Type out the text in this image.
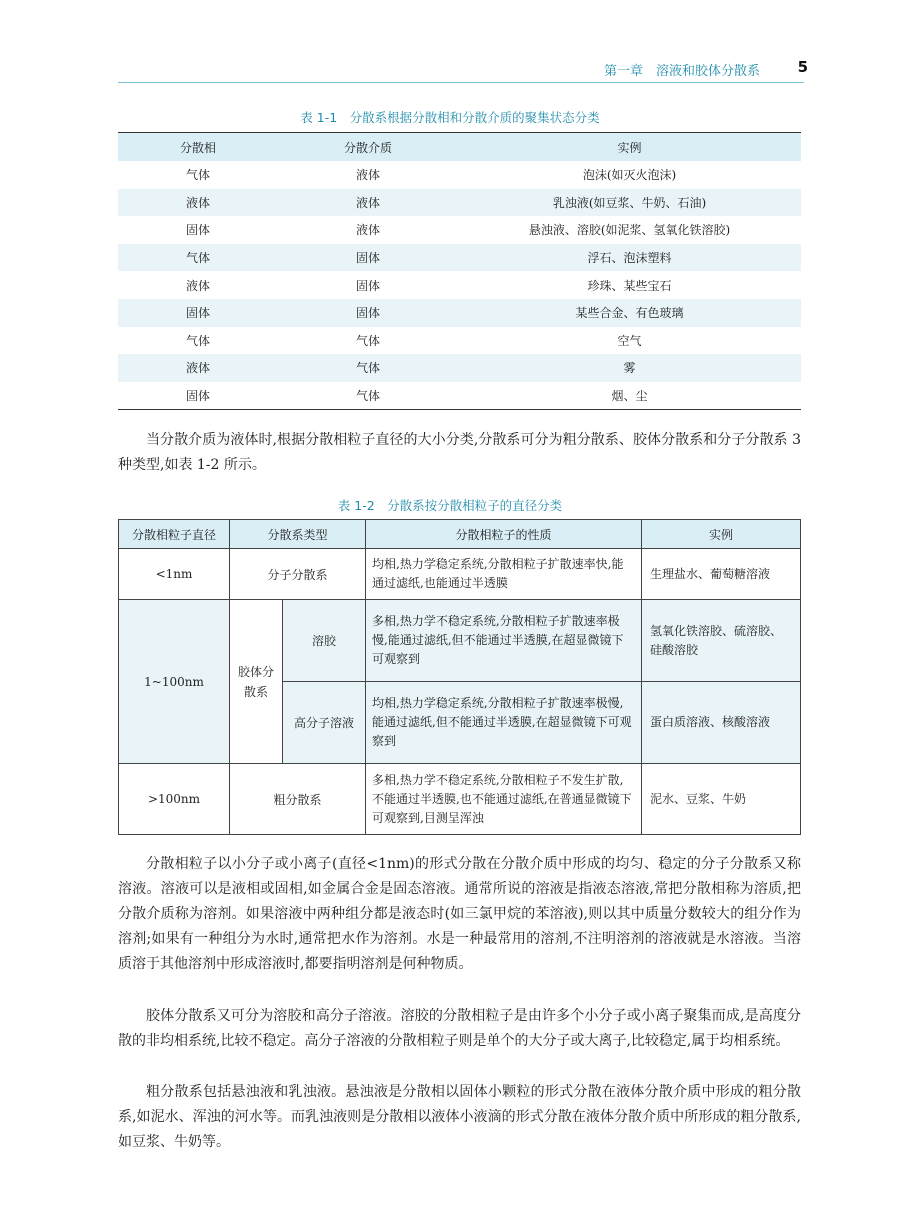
第一章　溶液和胶体分散系	5
表 1-1　分散系根据分散相和分散介质的聚集状态分类
分散相	分散介质	实例
气体	液体	泡沫(如灭火泡沫)
液体	液体	乳浊液(如豆浆、牛奶、石油)
固体	液体	悬浊液、溶胶(如泥浆、氢氧化铁溶胶)
气体	固体	浮石、泡沫塑料
液体	固体	珍珠、某些宝石
固体	固体	某些合金、有色玻璃
气体	气体	空气
液体	气体	雾
固体	气体	烟、尘

当分散介质为液体时,根据分散相粒子直径的大小分类,分散系可分为粗分散系、胶体分散系和分子分散系 3 种类型,如表 1-2 所示。

表 1-2　分散系按分散相粒子的直径分类
分散相粒子直径	分散系类型		分散相粒子的性质	实例
<1nm	分子分散系		均相,热力学稳定系统,分散相粒子扩散速率快,能通过滤纸,也能通过半透膜	生理盐水、葡萄糖溶液
1~100nm	胶体分散系	溶胶	多相,热力学不稳定系统,分散相粒子扩散速率极慢,能通过滤纸,但不能通过半透膜,在超显微镜下可观察到	氢氧化铁溶胶、硫溶胶、硅酸溶胶
		高分子溶液	均相,热力学稳定系统,分散相粒子扩散速率极慢,能通过滤纸,但不能通过半透膜,在超显微镜下可观察到	蛋白质溶液、核酸溶液
>100nm	粗分散系		多相,热力学不稳定系统,分散相粒子不发生扩散,不能通过半透膜,也不能通过滤纸,在普通显微镜下可观察到,目测呈浑浊	泥水、豆浆、牛奶

分散相粒子以小分子或小离子(直径<1nm)的形式分散在分散介质中形成的均匀、稳定的分子分散系又称溶液。溶液可以是液相或固相,如金属合金是固态溶液。通常所说的溶液是指液态溶液,常把分散相称为溶质,把分散介质称为溶剂。如果溶液中两种组分都是液态时(如三氯甲烷的苯溶液),则以其中质量分数较大的组分作为溶剂;如果有一种组分为水时,通常把水作为溶剂。水是一种最常用的溶剂,不注明溶剂的溶液就是水溶液。当溶质溶于其他溶剂中形成溶液时,都要指明溶剂是何种物质。

胶体分散系又可分为溶胶和高分子溶液。溶胶的分散相粒子是由许多个小分子或小离子聚集而成,是高度分散的非均相系统,比较不稳定。高分子溶液的分散相粒子则是单个的大分子或大离子,比较稳定,属于均相系统。

粗分散系包括悬浊液和乳浊液。悬浊液是分散相以固体小颗粒的形式分散在液体分散介质中形成的粗分散系,如泥水、浑浊的河水等。而乳浊液则是分散相以液体小液滴的形式分散在液体分散介质中所形成的粗分散系,如豆浆、牛奶等。
